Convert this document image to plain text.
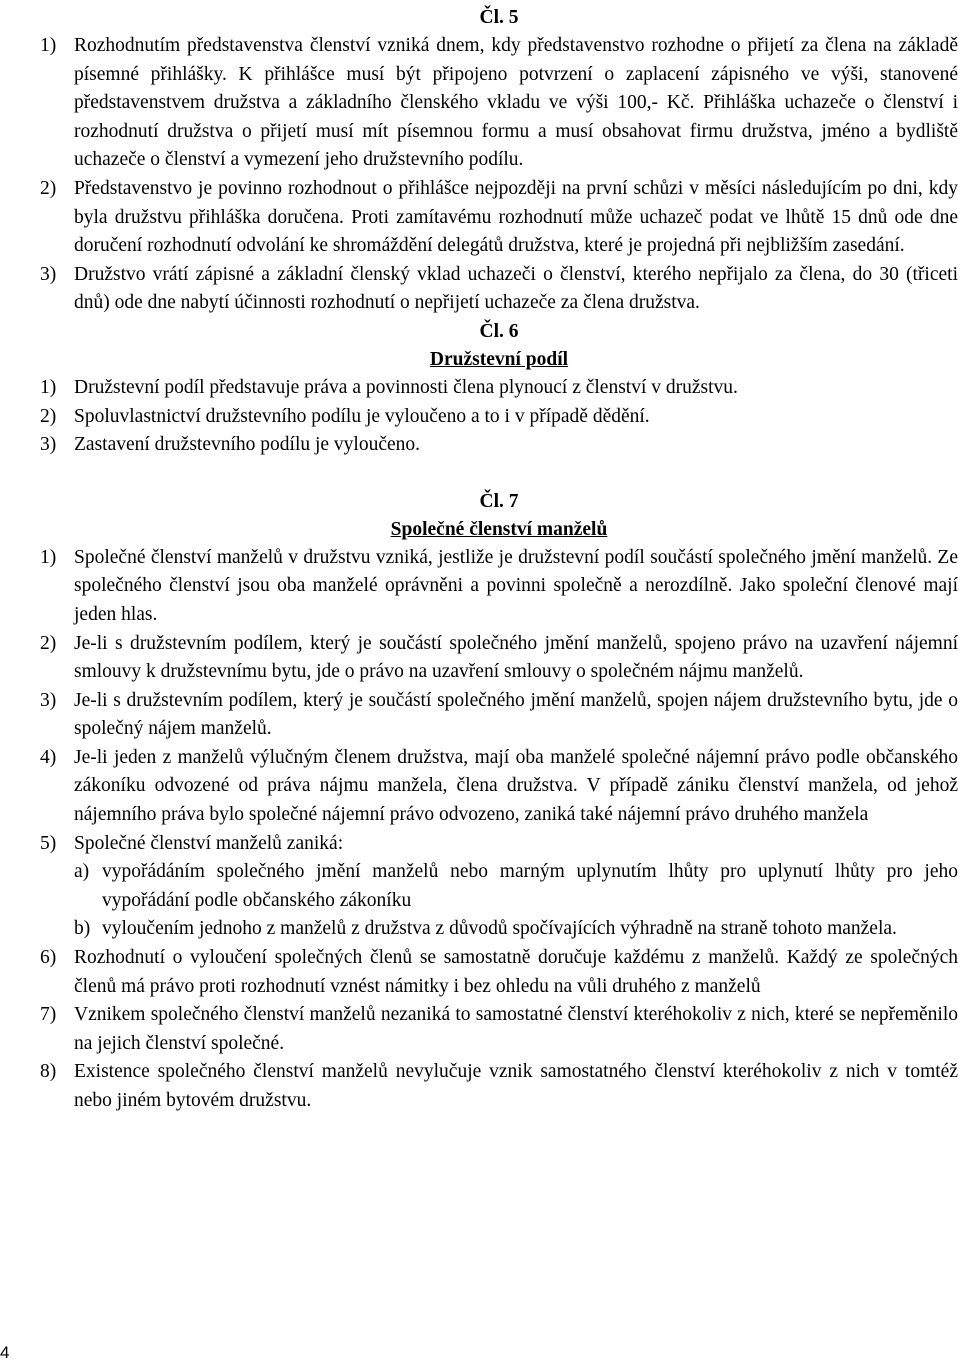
Čl. 5
1) Rozhodnutím představenstva členství vzniká dnem, kdy představenstvo rozhodne o přijetí za člena na základě písemné přihlášky. K přihlášce musí být připojeno potvrzení o zaplacení zápisného ve výši, stanovené představenstvem družstva a základního členského vkladu ve výši 100,- Kč. Přihláška uchazeče o členství i rozhodnutí družstva o přijetí musí mít písemnou formu a musí obsahovat firmu družstva, jméno a bydliště uchazeče o členství a vymezení jeho družstevního podílu.
2) Představenstvo je povinno rozhodnout o přihlášce nejpozději na první schůzi v měsíci následujícím po dni, kdy byla družstvu přihláška doručena. Proti zamítavému rozhodnutí může uchazeč podat ve lhůtě 15 dnů ode dne doručení rozhodnutí odvolání ke shromáždění delegátů družstva, které je projedná při nejbližším zasedání.
3) Družstvo vrátí zápisné a základní členský vklad uchazeči o členství, kterého nepřijalo za člena, do 30 (třiceti dnů) ode dne nabytí účinnosti rozhodnutí o nepřijetí uchazeče za člena družstva.
Čl. 6
Družstevní podíl
1) Družstevní podíl představuje práva a povinnosti člena plynoucí z členství v družstvu.
2) Spoluvlastnictví družstevního podílu je vyloučeno a to i v případě dědění.
3) Zastavení družstevního podílu je vyloučeno.
Čl. 7
Společné členství manželů
1) Společné členství manželů v družstvu vzniká, jestliže je družstevní podíl součástí společného jmění manželů. Ze společného členství jsou oba manželé oprávněni a povinni společně a nerozdílně. Jako společní členové mají jeden hlas.
2) Je-li s družstevním podílem, který je součástí společného jmění manželů, spojeno právo na uzavření nájemní smlouvy k družstevnímu bytu, jde o právo na uzavření smlouvy o společném nájmu manželů.
3) Je-li s družstevním podílem, který je součástí společného jmění manželů, spojen nájem družstevního bytu, jde o společný nájem manželů.
4) Je-li jeden z manželů výlučným členem družstva, mají oba manželé společné nájemní právo podle občanského zákoníku odvozené od práva nájmu manžela, člena družstva. V případě zániku členství manžela, od jehož nájemního práva bylo společné nájemní právo odvozeno, zaniká také nájemní právo druhého manžela
5) Společné členství manželů zaniká:
a) vypořádáním společného jmění manželů nebo marným uplynutím lhůty pro uplynutí lhůty pro jeho vypořádání podle občanského zákoníku
b) vyloučením jednoho z manželů z družstva z důvodů spočívajících výhradně na straně tohoto manžela.
6) Rozhodnutí o vyloučení společných členů se samostatně doručuje každému z manželů. Každý ze společných členů má právo proti rozhodnutí vznést námitky i bez ohledu na vůli druhého z manželů
7) Vznikem společného členství manželů nezaniká to samostatné členství kteréhokoliv z nich, které se nepřeměnilo na jejich členství společné.
8) Existence společného členství manželů nevylučuje vznik samostatného členství kteréhokoliv z nich v tomtéž nebo jiném bytovém družstvu.
4
